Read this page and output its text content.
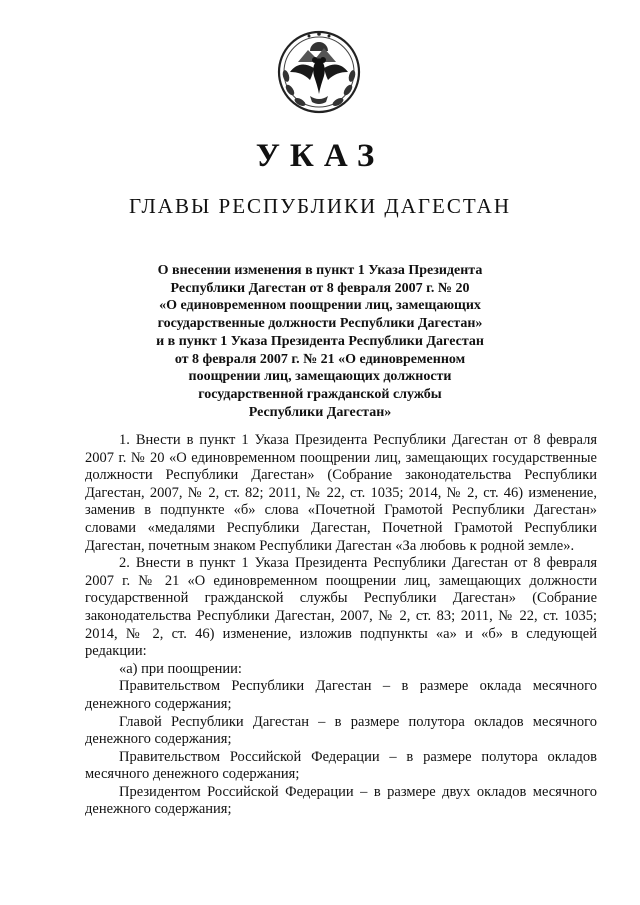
УКАЗ
ГЛАВЫ РЕСПУБЛИКИ ДАГЕСТАН
О внесении изменения в пункт 1 Указа Президента
Республики Дагестан от 8 февраля 2007 г. № 20
«О единовременном поощрении лиц, замещающих
государственные должности Республики Дагестан»
и в пункт 1 Указа Президента Республики Дагестан
от 8 февраля 2007 г. № 21 «О единовременном
поощрении лиц, замещающих должности
государственной гражданской службы
Республики Дагестан»

1. Внести в пункт 1 Указа Президента Республики Дагестан от 8 февраля 2007 г. № 20 «О единовременном поощрении лиц, замещающих государственные должности Республики Дагестан» (Собрание законодательства Республики Дагестан, 2007, № 2, ст. 82; 2011, № 22, ст. 1035; 2014, № 2, ст. 46) изменение, заменив в подпункте «б» слова «Почетной Грамотой Республики Дагестан» словами «медалями Республики Дагестан, Почетной Грамотой Республики Дагестан, почетным знаком Республики Дагестан «За любовь к родной земле».

2. Внести в пункт 1 Указа Президента Республики Дагестан от 8 февраля 2007 г. № 21 «О единовременном поощрении лиц, замещающих должности государственной гражданской службы Республики Дагестан» (Собрание законодательства Республики Дагестан, 2007, № 2, ст. 83; 2011, № 22, ст. 1035; 2014, № 2, ст. 46) изменение, изложив подпункты «а» и «б» в следующей редакции:

«а) при поощрении:

Правительством Республики Дагестан – в размере оклада месячного денежного содержания;

Главой Республики Дагестан – в размере полутора окладов месячного денежного содержания;

Правительством Российской Федерации – в размере полутора окладов месячного денежного содержания;

Президентом Российской Федерации – в размере двух окладов месячного денежного содержания;
